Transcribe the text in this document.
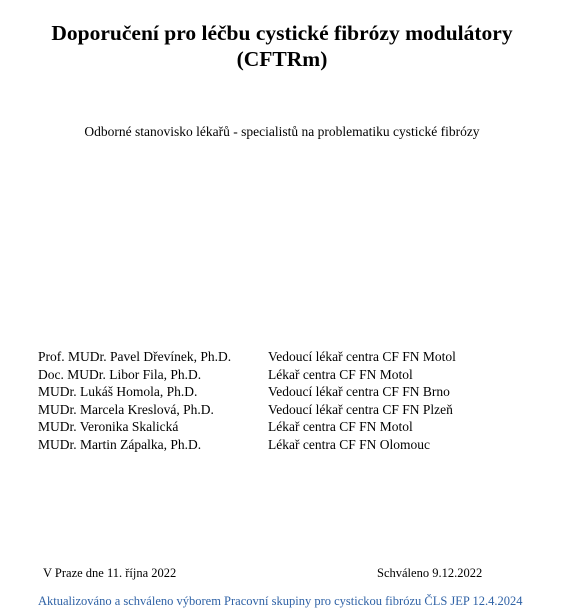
Doporučení pro léčbu cystické fibrózy modulátory
(CFTRm)
Odborné stanovisko lékařů - specialistů na problematiku cystické fibrózy
Prof. MUDr. Pavel Dřevínek, Ph.D.	Vedoucí lékař centra CF FN Motol
Doc. MUDr. Libor Fila, Ph.D.	Lékař centra CF FN Motol
MUDr. Lukáš Homola, Ph.D.	Vedoucí lékař centra CF FN Brno
MUDr. Marcela Kreslová, Ph.D.	Vedoucí lékař centra CF FN Plzeň
MUDr. Veronika Skalická	Lékař centra CF FN Motol
MUDr. Martin Zápalka, Ph.D.	Lékař centra CF FN Olomouc
V Praze dne 11. října 2022	Schváleno 9.12.2022
Aktualizováno a schváleno výborem Pracovní skupiny pro cystickou fibrózu ČLS JEP 12.4.2024
